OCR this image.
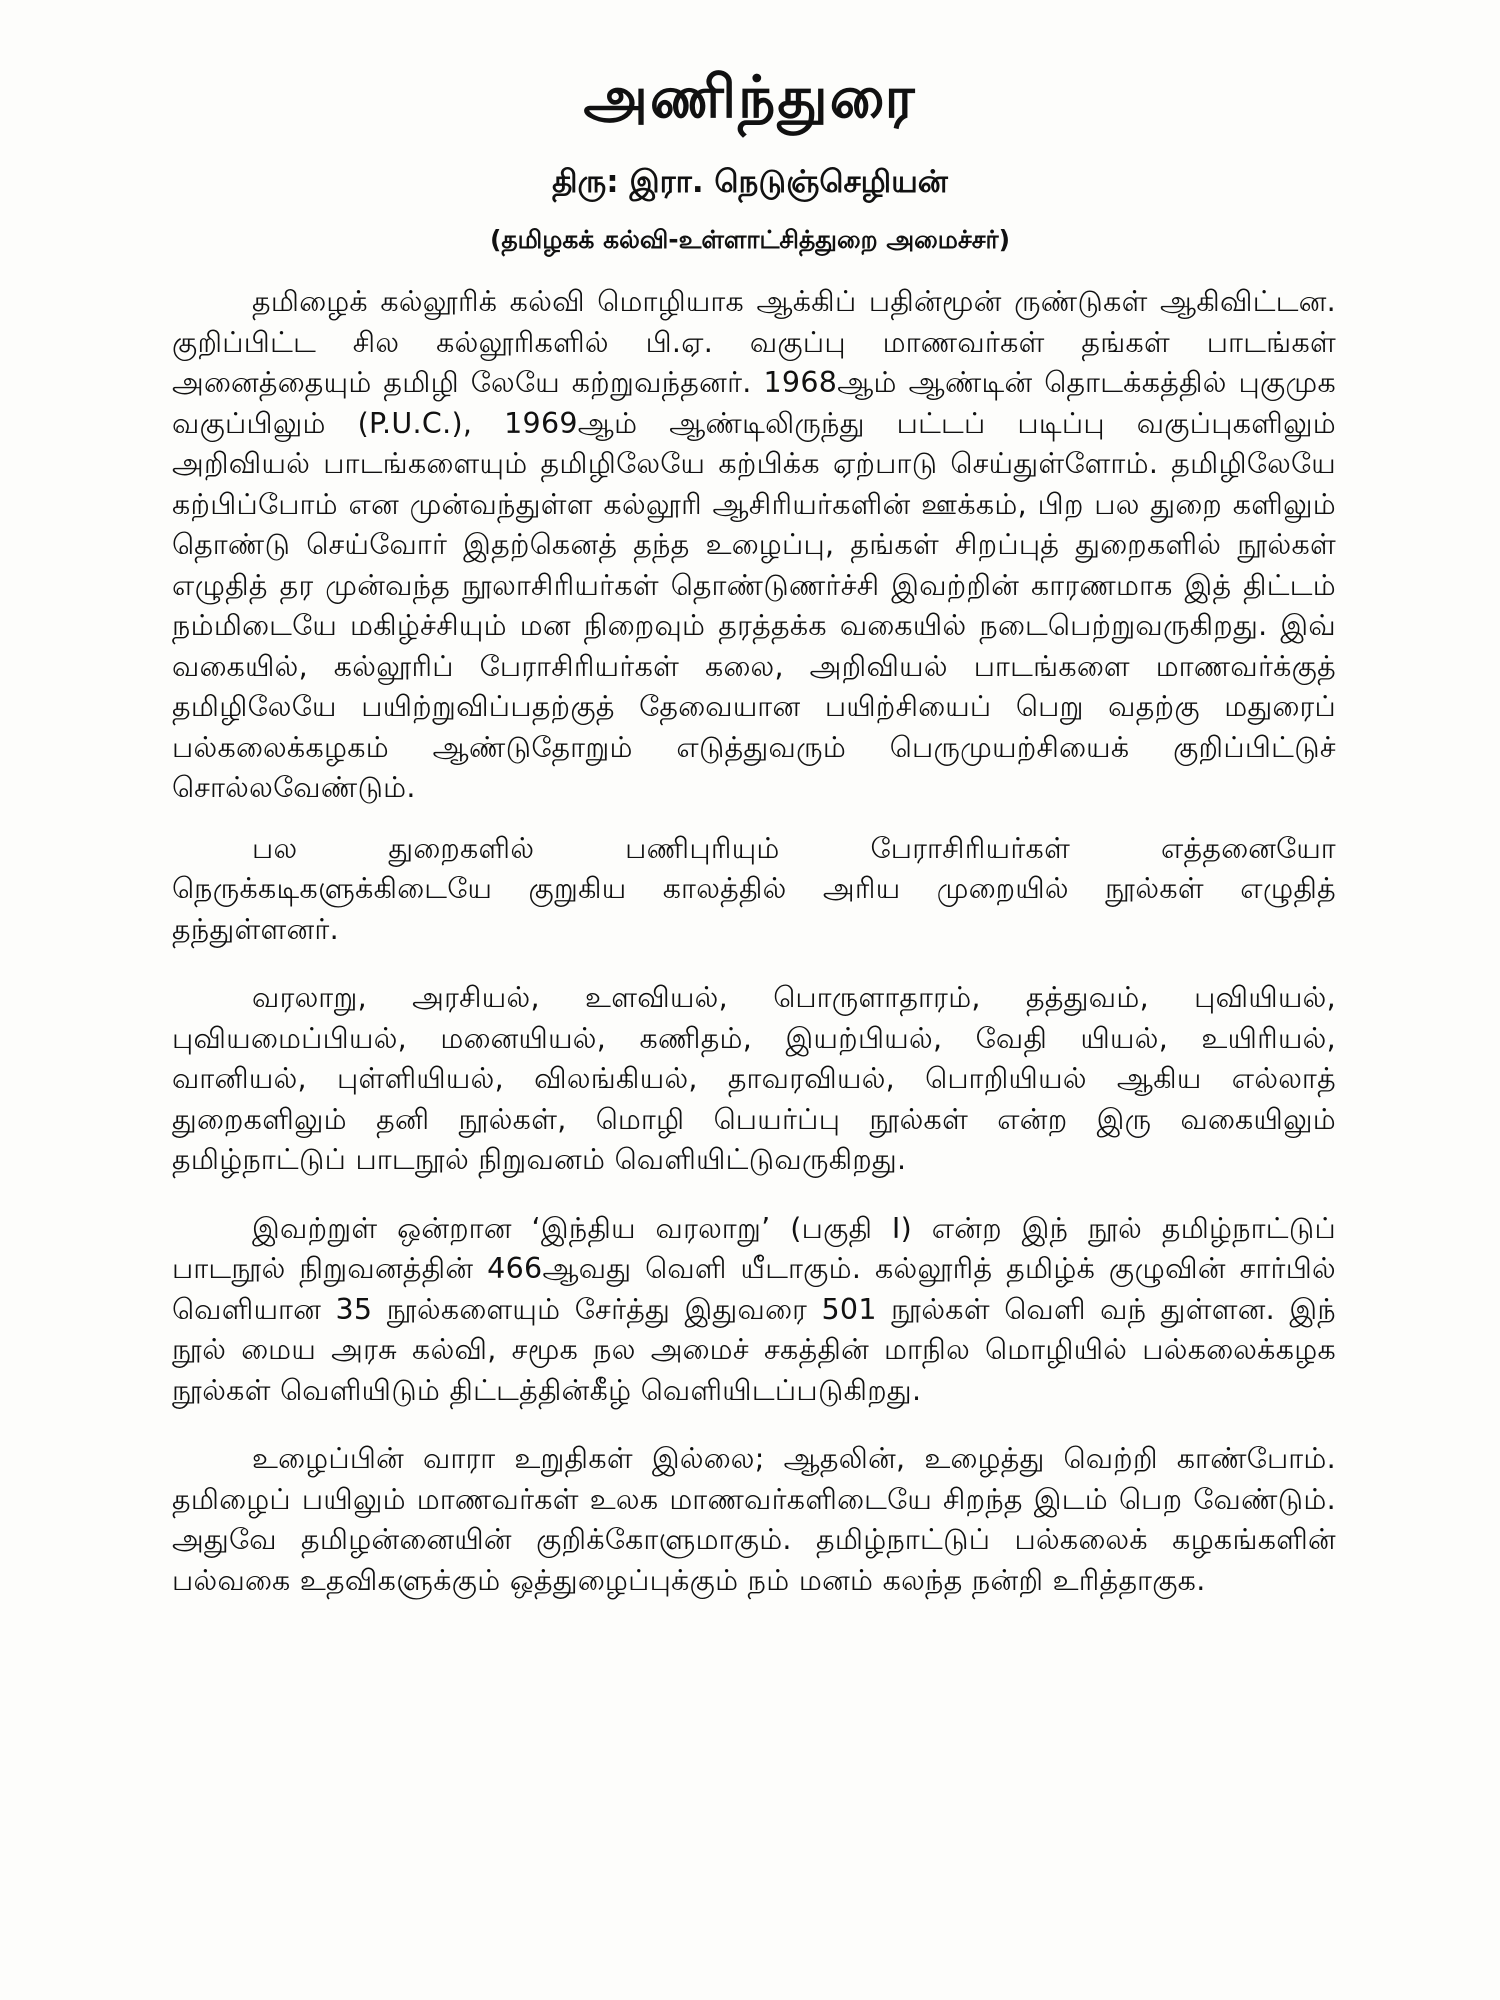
அணிந்துரை
திரு: இரா. நெடுஞ்செழியன்
(தமிழகக் கல்வி-உள்ளாட்சித்துறை அமைச்சர்)

தமிழைக் கல்லூரிக் கல்வி மொழியாக ஆக்கிப் பதின்மூன் ருண்டுகள் ஆகிவிட்டன. குறிப்பிட்ட சில கல்லூரிகளில் பி.ஏ. வகுப்பு மாணவர்கள் தங்கள் பாடங்கள் அனைத்தையும் தமிழி லேயே கற்றுவந்தனர். 1968ஆம் ஆண்டின் தொடக்கத்தில் புகுமுக வகுப்பிலும் (P.U.C.), 1969ஆம் ஆண்டிலிருந்து பட்டப் படிப்பு வகுப்புகளிலும் அறிவியல் பாடங்களையும் தமிழிலேயே கற்பிக்க ஏற்பாடு செய்துள்ளோம். தமிழிலேயே கற்பிப்போம் என முன்வந்துள்ள கல்லூரி ஆசிரியர்களின் ஊக்கம், பிற பல துறை களிலும் தொண்டு செய்வோர் இதற்கெனத் தந்த உழைப்பு, தங்கள் சிறப்புத் துறைகளில் நூல்கள் எழுதித் தர முன்வந்த நூலாசிரியர்கள் தொண்டுணர்ச்சி இவற்றின் காரணமாக இத் திட்டம் நம்மிடையே மகிழ்ச்சியும் மன நிறைவும் தரத்தக்க வகையில் நடைபெற்றுவருகிறது. இவ் வகையில், கல்லூரிப் பேராசிரியர்கள் கலை, அறிவியல் பாடங்களை மாணவர்க்குத் தமிழிலேயே பயிற்றுவிப்பதற்குத் தேவையான பயிற்சியைப் பெறு வதற்கு மதுரைப் பல்கலைக்கழகம் ஆண்டுதோறும் எடுத்துவரும் பெருமுயற்சியைக் குறிப்பிட்டுச் சொல்லவேண்டும்.

பல துறைகளில் பணிபுரியும் பேராசிரியர்கள் எத்தனையோ நெருக்கடிகளுக்கிடையே குறுகிய காலத்தில் அரிய முறையில் நூல்கள் எழுதித் தந்துள்ளனர்.

வரலாறு, அரசியல், உளவியல், பொருளாதாரம், தத்துவம், புவியியல், புவியமைப்பியல், மனையியல், கணிதம், இயற்பியல், வேதி யியல், உயிரியல், வானியல், புள்ளியியல், விலங்கியல், தாவரவியல், பொறியியல் ஆகிய எல்லாத் துறைகளிலும் தனி நூல்கள், மொழி பெயர்ப்பு நூல்கள் என்ற இரு வகையிலும் தமிழ்நாட்டுப் பாடநூல் நிறுவனம் வெளியிட்டுவருகிறது.

இவற்றுள் ஒன்றான ‘இந்திய வரலாறு’ (பகுதி I) என்ற இந் நூல் தமிழ்நாட்டுப் பாடநூல் நிறுவனத்தின் 466ஆவது வெளி யீடாகும். கல்லூரித் தமிழ்க் குழுவின் சார்பில் வெளியான 35 நூல்களையும் சேர்த்து இதுவரை 501 நூல்கள் வெளி வந் துள்ளன. இந் நூல் மைய அரசு கல்வி, சமூக நல அமைச் சகத்தின் மாநில மொழியில் பல்கலைக்கழக நூல்கள் வெளியிடும் திட்டத்தின்கீழ் வெளியிடப்படுகிறது.

உழைப்பின் வாரா உறுதிகள் இல்லை; ஆதலின், உழைத்து வெற்றி காண்போம். தமிழைப் பயிலும் மாணவர்கள் உலக மாணவர்களிடையே சிறந்த இடம் பெற வேண்டும். அதுவே தமிழன்னையின் குறிக்கோளுமாகும். தமிழ்நாட்டுப் பல்கலைக் கழகங்களின் பல்வகை உதவிகளுக்கும் ஒத்துழைப்புக்கும் நம் மனம் கலந்த நன்றி உரித்தாகுக.
